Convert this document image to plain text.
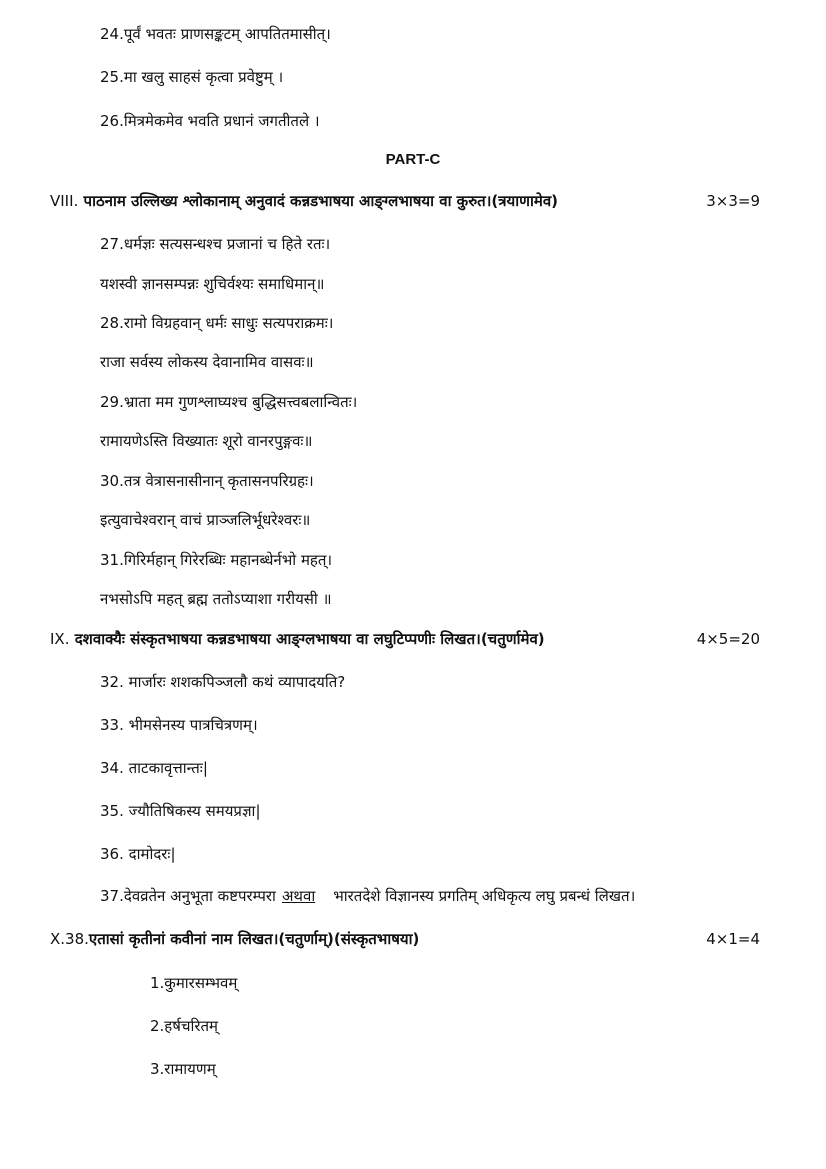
24.पूर्वं भवतः प्राणसङ्कटम् आपतितमासीत्।
25.मा खलु साहसं कृत्वा प्रवेष्टुम् ।
26.मित्रमेकमेव भवति प्रधानं जगतीतले ।
PART-C
VIII. पाठनाम उल्लिख्य श्लोकानाम् अनुवादं कन्नडभाषया आङ्ग्लभाषया वा कुरुत।(त्रयाणामेव)	3×3=9
27.धर्मज्ञः सत्यसन्धश्च प्रजानां च हिते रतः।
यशस्वी ज्ञानसम्पन्नः शुचिर्वश्यः समाधिमान्॥
28.रामो विग्रहवान् धर्मः साधुः सत्यपराक्रमः।
राजा सर्वस्य लोकस्य देवानामिव वासवः॥
29.भ्राता मम गुणश्लाघ्यश्च बुद्धिसत्त्वबलान्वितः।
रामायणेऽस्ति विख्यातः शूरो वानरपुङ्गवः॥
30.तत्र वेत्रासनासीनान् कृतासनपरिग्रहः।
इत्युवाचेश्वरान् वाचं प्राञ्जलिर्भूधरेश्वरः॥
31.गिरिर्महान् गिरेरब्धिः महानब्धेर्नभो महत्।
नभसोऽपि महत् ब्रह्म ततोऽप्याशा गरीयसी ॥
IX. दशवाक्यैः संस्कृतभाषया कन्नडभाषया आङ्ग्लभाषया वा लघुटिप्पणीः लिखत।(चतुर्णामेव)	4×5=20
32. मार्जारः शशकपिञ्जलौ कथं व्यापादयति?
33. भीमसेनस्य पात्रचित्रणम्।
34. ताटकावृत्तान्तः|
35. ज्यौतिषिकस्य समयप्रज्ञा|
36. दामोदरः|
37.देवव्रतेन अनुभूता कष्टपरम्परा अथवा भारतदेशे विज्ञानस्य प्रगतिम् अधिकृत्य लघु प्रबन्धं लिखत।
X.38.एतासां कृतीनां कवीनां नाम लिखत।(चतुर्णाम्)(संस्कृतभाषया)	4×1=4
1.कुमारसम्भवम्
2.हर्षचरितम्
3.रामायणम्
